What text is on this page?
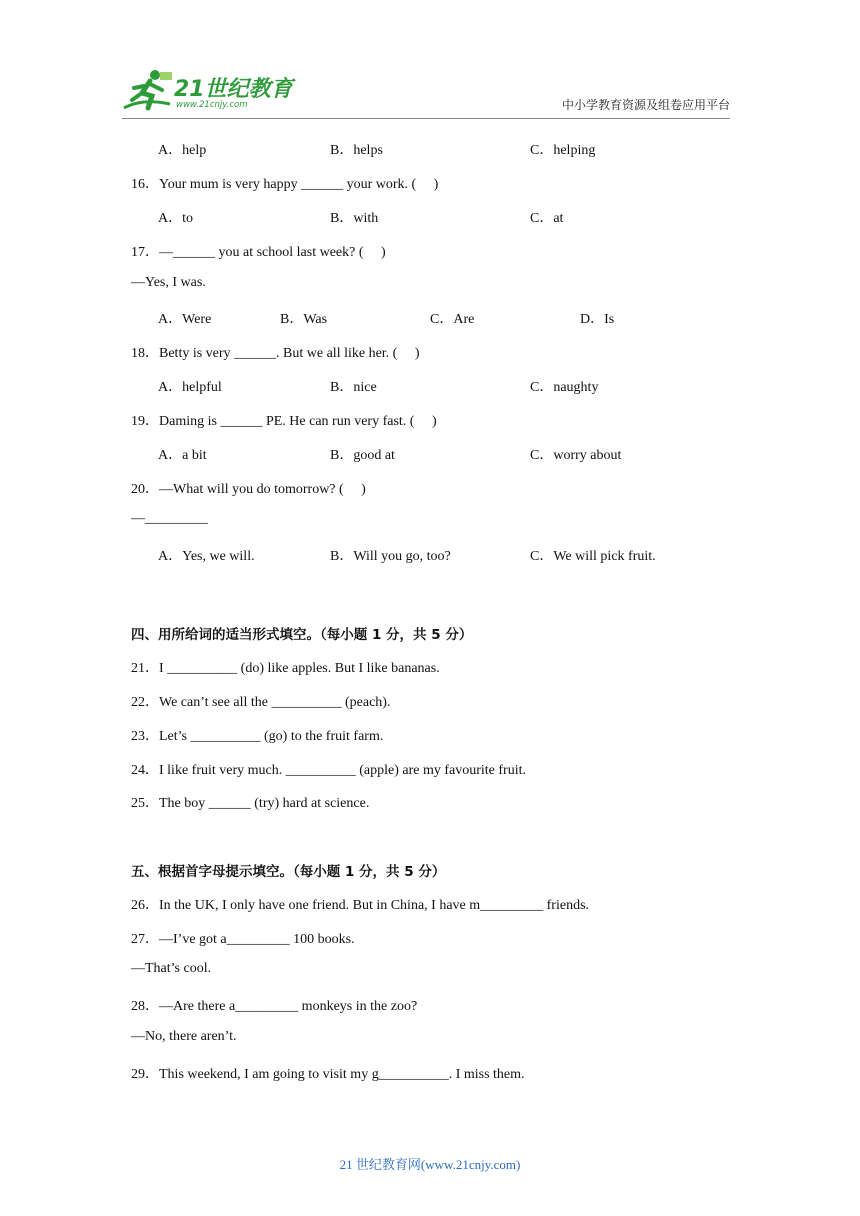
21世纪教育
www.21cnjy.com	中小学教育资源及组卷应用平台
A．help	B．helps	C．helping
16．Your mum is very happy ______ your work. (　 )
A．to	B．with	C．at
17．—______ you at school last week? (　 )
—Yes, I was.
A．Were	B．Was	C．Are	D．Is
18．Betty is very ______. But we all like her. (　 )
A．helpful	B．nice	C．naughty
19．Daming is ______ PE. He can run very fast. (　 )
A．a bit	B．good at	C．worry about
20．—What will you do tomorrow? (　 )
—_________
A．Yes, we will.	B．Will you go, too?	C．We will pick fruit.
四、用所给词的适当形式填空。（每小题 1 分，共 5 分）
21．I __________ (do) like apples. But I like bananas.
22．We can’t see all the __________ (peach).
23．Let’s __________ (go) to the fruit farm.
24．I like fruit very much. __________ (apple) are my favourite fruit.
25．The boy ______ (try) hard at science.
五、根据首字母提示填空。（每小题 1 分，共 5 分）
26．In the UK, I only have one friend. But in China, I have m_________ friends.
27．—I’ve got a_________ 100 books.
—That’s cool.
28．—Are there a_________ monkeys in the zoo?
—No, there aren’t.
29．This weekend, I am going to visit my g__________. I miss them.
21 世纪教育网(www.21cnjy.com)
